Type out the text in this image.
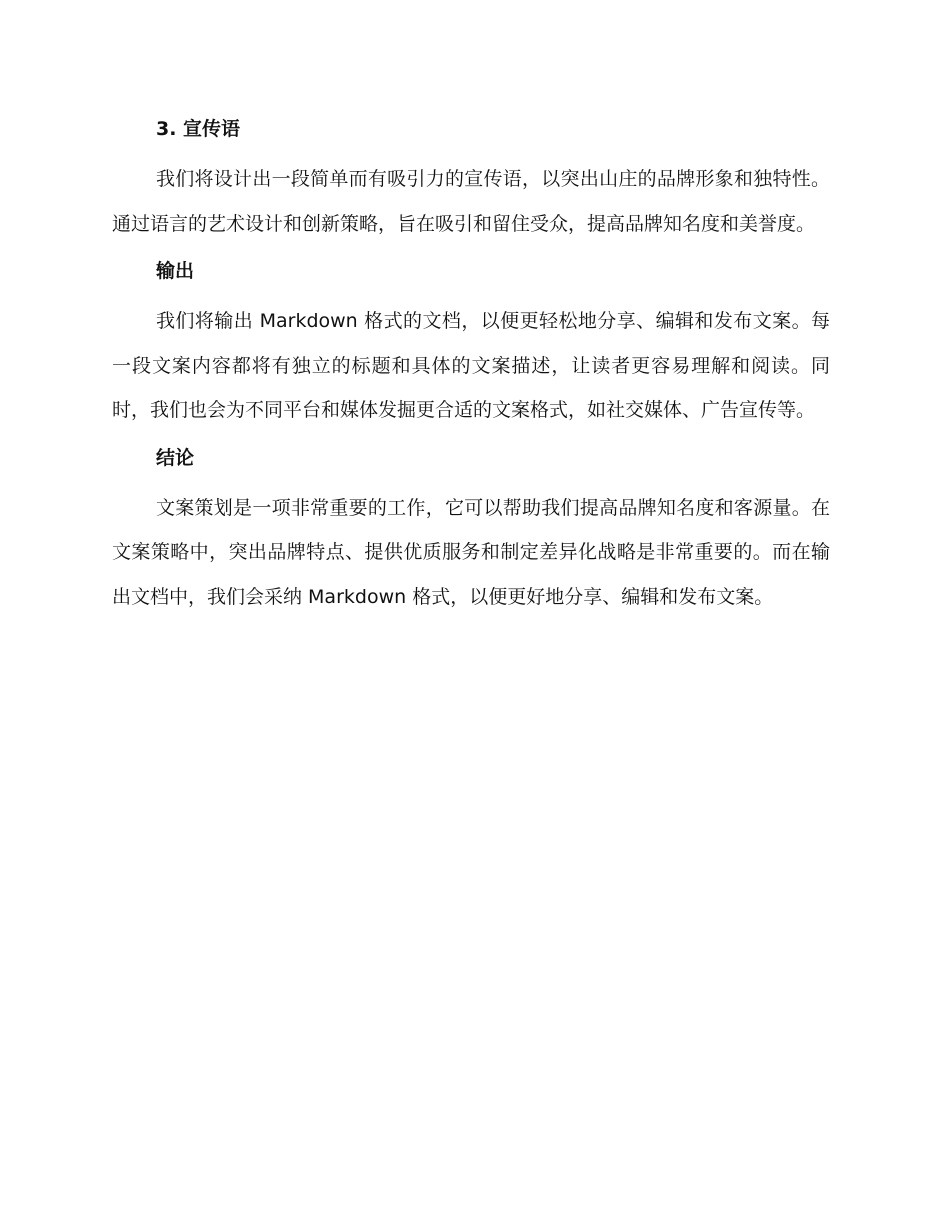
3. 宣传语

我们将设计出一段简单而有吸引力的宣传语，以突出山庄的品牌形象和独特性。通过语言的艺术设计和创新策略，旨在吸引和留住受众，提高品牌知名度和美誉度。

输出

我们将输出 Markdown 格式的文档，以便更轻松地分享、编辑和发布文案。每一段文案内容都将有独立的标题和具体的文案描述，让读者更容易理解和阅读。同时，我们也会为不同平台和媒体发掘更合适的文案格式，如社交媒体、广告宣传等。

结论

文案策划是一项非常重要的工作，它可以帮助我们提高品牌知名度和客源量。在文案策略中，突出品牌特点、提供优质服务和制定差异化战略是非常重要的。而在输出文档中，我们会采纳 Markdown 格式，以便更好地分享、编辑和发布文案。
